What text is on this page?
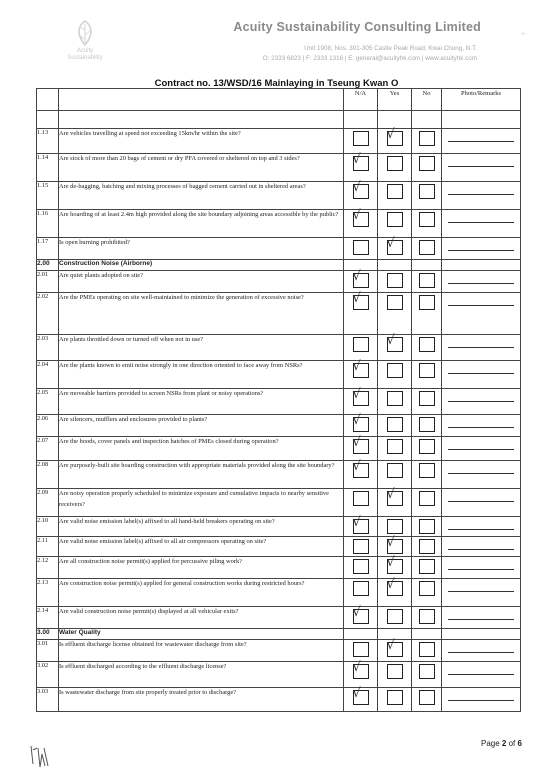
Acuity
Sustainability
Acuity Sustainability Consulting Limited
Unit 1908, Nos. 301-305 Castle Peak Road, Kwai Chung, N.T.
O: 2333 6823 | F: 2333 1316 | E: general@acuityhk.com | www.acuityhk.com
+
Contract no. 13/WSD/16 Mainlaying in Tseung Kwan O
		N/A	Yes	No	Photo/Remarks

1.13	Are vehicles travelling at speed not exceeding 15km/hr within the site?		√		

1.14	Are stock of more than 20 bags of cement or dry PFA covered or sheltered on top and 3 sides?	√			

1.15	Are de-bagging, batching and mixing processes of bagged cement carried out in sheltered areas?	√			

1.16	Are hoarding of at least 2.4m high provided along the site boundary adjoining areas accessible by the public?	√			

1.17	Is open burning prohibited?		√		

2.00	Construction Noise (Airborne)				
2.01	Are quiet plants adopted on site?	√			

2.02	Are the PMEs operating on site well-maintained to minimize the generation of excessive noise?	√			

2.03	Are plants throttled down or turned off when not in use?		√		

2.04	Are the plants known to emit noise strongly in one direction oriented to face away from NSRs?	√			

2.05	Are moveable barriers provided to screen NSRs from plant or noisy operations?	√			

2.06	Are silencers, mufflers and enclosures provided to plants?	√			

2.07	Are the hoods, cover panels and inspection hatches of PMEs closed during operation?	√			

2.08	Are purposely-built site hoarding construction with appropriate materials provided along the site boundary?	√			

2.09	Are noisy operation properly scheduled to minimize exposure and cumulative impacts to nearby sensitive receivers?		√		

2.10	Are valid noise emission label(s) affixed to all hand-held breakers operating on site?	√			

2.11	Are valid noise emission label(s) affixed to all air compressors operating on site?		√		

2.12	Are all construction noise permit(s) applied for percussive piling work?		√		

2.13	Are construction noise permit(s) applied for general construction works during restricted hours?		√		

2.14	Are valid construction noise permit(s) displayed at all vehicular exits?	√			

3.00	Water Quality				
3.01	Is effluent discharge license obtained for wastewater discharge from site?		√		

3.02	Is effluent discharged according to the effluent discharge license?	√			

3.03	Is wastewater discharge from site properly treated prior to discharge?	√			

Page 2 of 6
